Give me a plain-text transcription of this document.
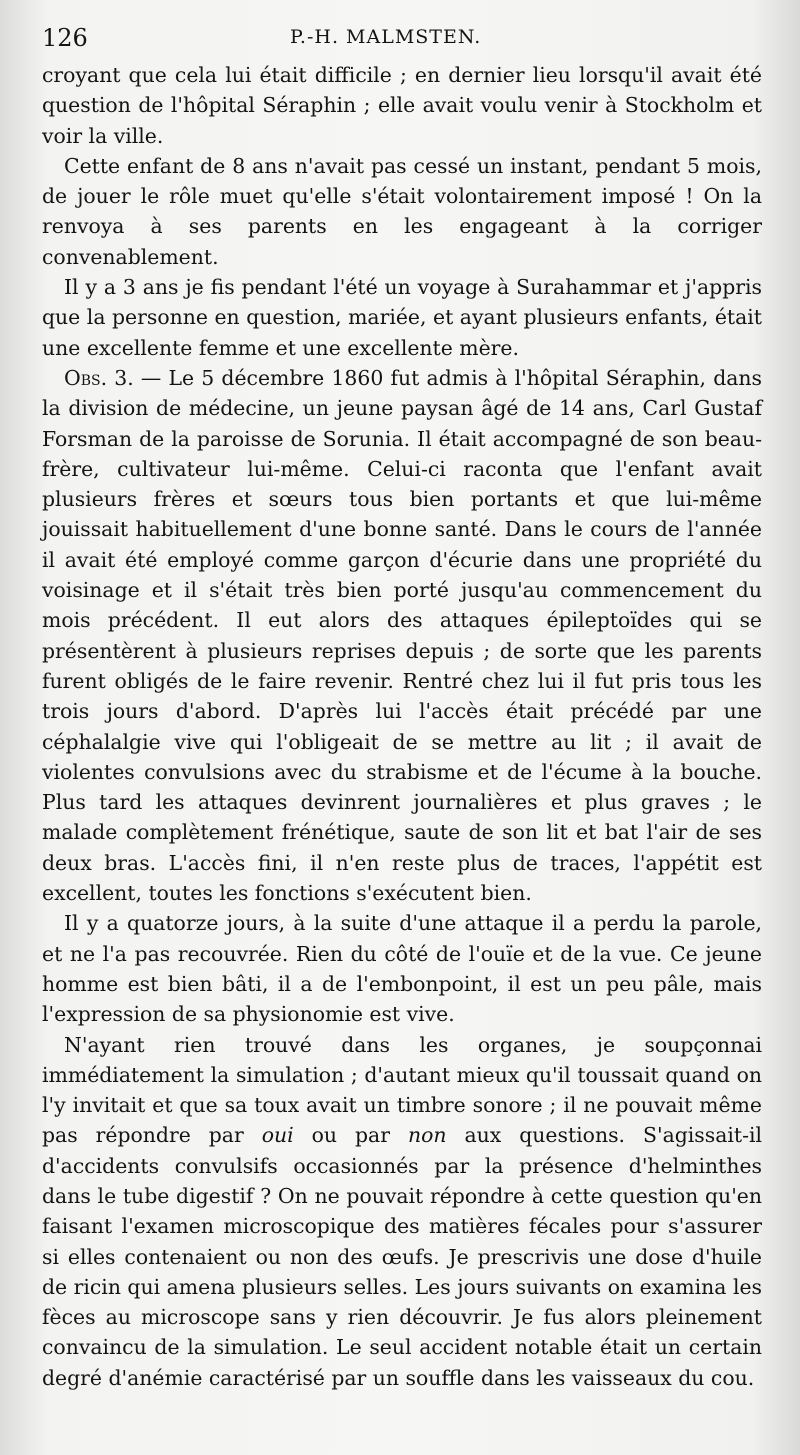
126	P.-H. MALMSTEN.

croyant que cela lui était difficile ; en dernier lieu lorsqu'il avait été question de l'hôpital Séraphin ; elle avait voulu venir à Stockholm et voir la ville.

Cette enfant de 8 ans n'avait pas cessé un instant, pendant 5 mois, de jouer le rôle muet qu'elle s'était volontairement imposé ! On la renvoya à ses parents en les engageant à la corriger convenablement.

Il y a 3 ans je fis pendant l'été un voyage à Surahammar et j'appris que la personne en question, mariée, et ayant plusieurs enfants, était une excellente femme et une excellente mère.

Obs. 3. — Le 5 décembre 1860 fut admis à l'hôpital Séraphin, dans la division de médecine, un jeune paysan âgé de 14 ans, Carl Gustaf Forsman de la paroisse de Sorunia. Il était accompagné de son beau-frère, cultivateur lui-même. Celui-ci raconta que l'enfant avait plusieurs frères et sœurs tous bien portants et que lui-même jouissait habituellement d'une bonne santé. Dans le cours de l'année il avait été employé comme garçon d'écurie dans une propriété du voisinage et il s'était très bien porté jusqu'au commencement du mois précédent. Il eut alors des attaques épileptoïdes qui se présentèrent à plusieurs reprises depuis ; de sorte que les parents furent obligés de le faire revenir. Rentré chez lui il fut pris tous les trois jours d'abord. D'après lui l'accès était précédé par une céphalalgie vive qui l'obligeait de se mettre au lit ; il avait de violentes convulsions avec du strabisme et de l'écume à la bouche. Plus tard les attaques devinrent journalières et plus graves ; le malade complètement frénétique, saute de son lit et bat l'air de ses deux bras. L'accès fini, il n'en reste plus de traces, l'appétit est excellent, toutes les fonctions s'exécutent bien.

Il y a quatorze jours, à la suite d'une attaque il a perdu la parole, et ne l'a pas recouvrée. Rien du côté de l'ouïe et de la vue. Ce jeune homme est bien bâti, il a de l'embonpoint, il est un peu pâle, mais l'expression de sa physionomie est vive.

N'ayant rien trouvé dans les organes, je soupçonnai immédiatement la simulation ; d'autant mieux qu'il toussait quand on l'y invitait et que sa toux avait un timbre sonore ; il ne pouvait même pas répondre par oui ou par non aux questions. S'agissait-il d'accidents convulsifs occasionnés par la présence d'helminthes dans le tube digestif ? On ne pouvait répondre à cette question qu'en faisant l'examen microscopique des matières fécales pour s'assurer si elles contenaient ou non des œufs. Je prescrivis une dose d'huile de ricin qui amena plusieurs selles. Les jours suivants on examina les fèces au microscope sans y rien découvrir. Je fus alors pleinement convaincu de la simulation. Le seul accident notable était un certain degré d'anémie caractérisé par un souffle dans les vaisseaux du cou.
